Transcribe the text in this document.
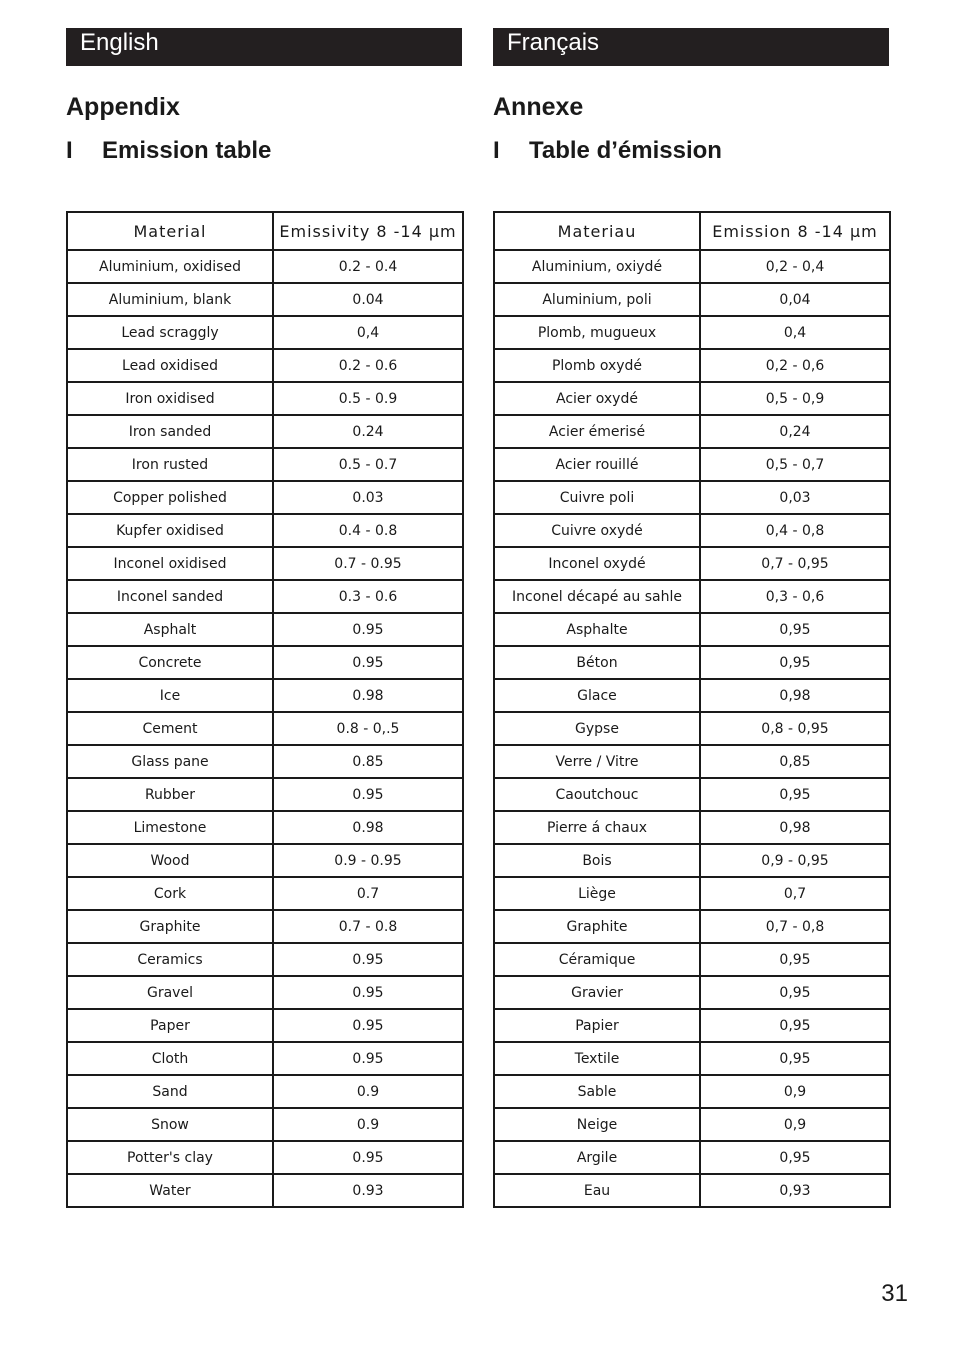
English
Appendix
I	Emission table
Material	Emissivity 8 -14 µm
Aluminium, oxidised	0.2 - 0.4
Aluminium, blank	0.04
Lead scraggly	0,4
Lead oxidised	0.2 - 0.6
Iron oxidised	0.5 - 0.9
Iron sanded	0.24
Iron rusted	0.5 - 0.7
Copper polished	0.03
Kupfer oxidised	0.4 - 0.8
Inconel oxidised	0.7 - 0.95
Inconel sanded	0.3 - 0.6
Asphalt	0.95
Concrete	0.95
Ice	0.98
Cement	0.8 - 0,.5
Glass pane	0.85
Rubber	0.95
Limestone	0.98
Wood	0.9 - 0.95
Cork	0.7
Graphite	0.7 - 0.8
Ceramics	0.95
Gravel	0.95
Paper	0.95
Cloth	0.95
Sand	0.9
Snow	0.9
Potter's clay	0.95
Water	0.93
Français
Annexe
I	Table d’émission
Materiau	Emission 8 -14 µm
Aluminium, oxiydé	0,2 - 0,4
Aluminium, poli	0,04
Plomb, mugueux	0,4
Plomb oxydé	0,2 - 0,6
Acier oxydé	0,5 - 0,9
Acier émerisé	0,24
Acier rouillé	0,5 - 0,7
Cuivre poli	0,03
Cuivre oxydé	0,4 - 0,8
Inconel oxydé	0,7 - 0,95
Inconel décapé au sahle	0,3 - 0,6
Asphalte	0,95
Béton	0,95
Glace	0,98
Gypse	0,8 - 0,95
Verre / Vitre	0,85
Caoutchouc	0,95
Pierre á chaux	0,98
Bois	0,9 - 0,95
Liège	0,7
Graphite	0,7 - 0,8
Céramique	0,95
Gravier	0,95
Papier	0,95
Textile	0,95
Sable	0,9
Neige	0,9
Argile	0,95
Eau	0,93
31
